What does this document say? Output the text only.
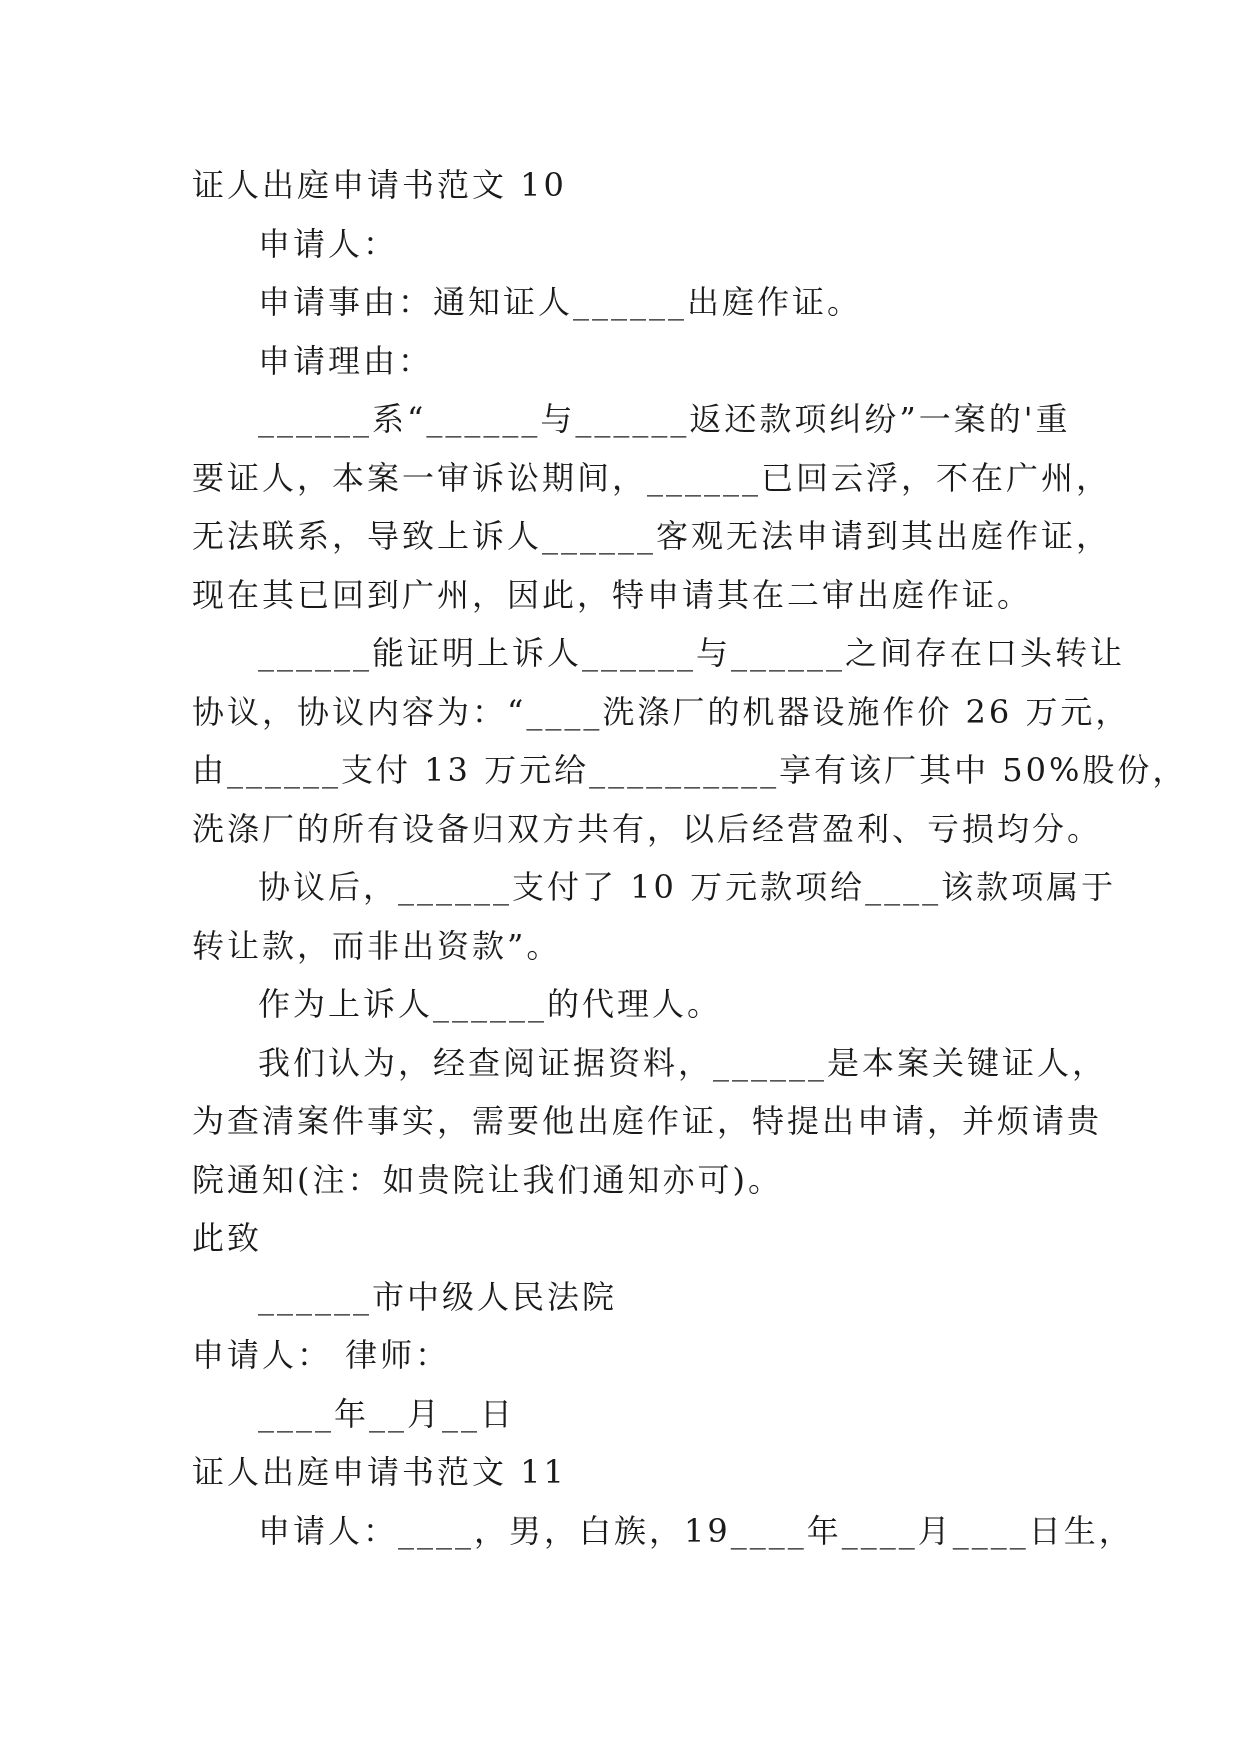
证人出庭申请书范文 10

申请人：

申请事由：通知证人______出庭作证。

申请理由：

______系“______与______返还款项纠纷”一案的'重

要证人，本案一审诉讼期间，______已回云浮，不在广州，

无法联系，导致上诉人______客观无法申请到其出庭作证，

现在其已回到广州，因此，特申请其在二审出庭作证。

______能证明上诉人______与______之间存在口头转让

协议，协议内容为：“____洗涤厂的机器设施作价 26 万元，

由______支付 13 万元给__________享有该厂其中 50%股份，

洗涤厂的所有设备归双方共有，以后经营盈利、亏损均分。

协议后，______支付了 10 万元款项给____该款项属于

转让款，而非出资款”。

作为上诉人______的代理人。

我们认为，经查阅证据资料，______是本案关键证人，

为查清案件事实，需要他出庭作证，特提出申请，并烦请贵

院通知(注：如贵院让我们通知亦可)。

此致

______市中级人民法院

申请人： 律师：

____年__月__日

证人出庭申请书范文 11

申请人：____，男，白族，19____年____月____日生，
